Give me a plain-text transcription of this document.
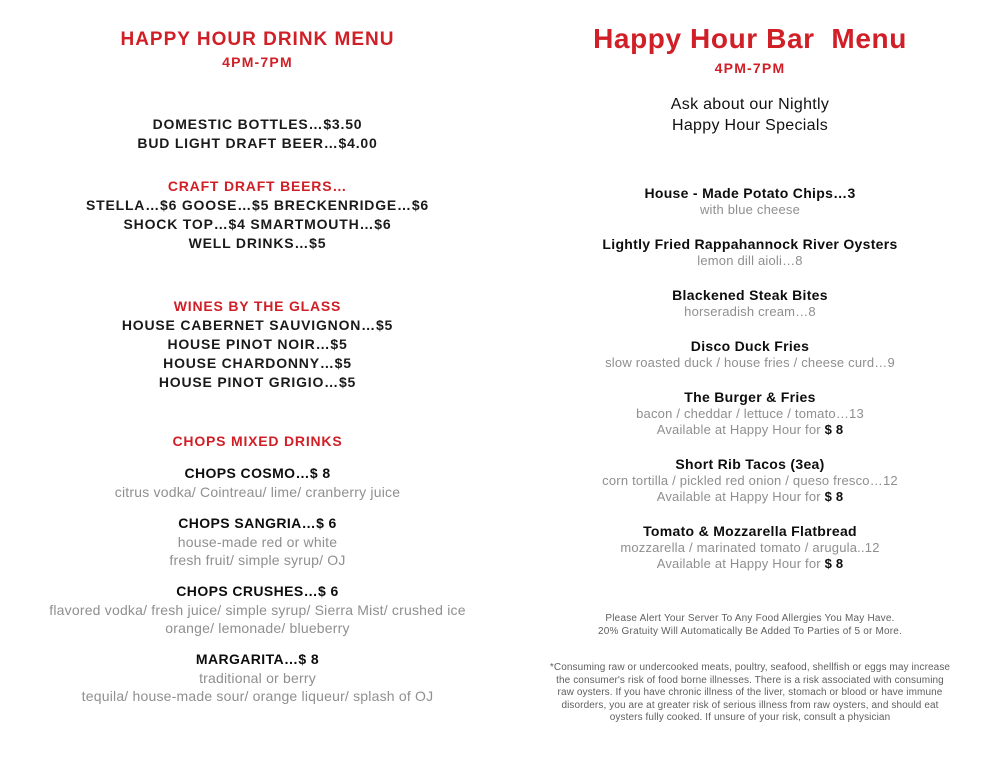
HAPPY HOUR DRINK MENU
4PM-7PM
DOMESTIC BOTTLES…$3.50
BUD LIGHT DRAFT BEER…$4.00
CRAFT DRAFT BEERS…
STELLA…$6 GOOSE…$5 BRECKENRIDGE…$6
SHOCK TOP…$4 SMARTMOUTH…$6
WELL DRINKS…$5
WINES BY THE GLASS
HOUSE CABERNET SAUVIGNON…$5
HOUSE PINOT NOIR…$5
HOUSE CHARDONNY…$5
HOUSE PINOT GRIGIO…$5
CHOPS MIXED DRINKS
CHOPS COSMO…$ 8
citrus vodka/ Cointreau/ lime/ cranberry juice
CHOPS SANGRIA…$ 6
house-made red or white
fresh fruit/ simple syrup/ OJ
CHOPS CRUSHES…$ 6
flavored vodka/ fresh juice/ simple syrup/ Sierra Mist/ crushed ice
orange/ lemonade/ blueberry
MARGARITA…$ 8
traditional or berry
tequila/ house-made sour/ orange liqueur/ splash of OJ
Happy Hour Bar  Menu
4PM-7PM
Ask about our Nightly
Happy Hour Specials
House - Made Potato Chips…3
with blue cheese
Lightly Fried Rappahannock River Oysters
lemon dill aioli…8
Blackened Steak Bites
horseradish cream…8
Disco Duck Fries
slow roasted duck / house fries / cheese curd…9
The Burger & Fries
bacon / cheddar / lettuce / tomato…13
Available at Happy Hour for $ 8
Short Rib Tacos (3ea)
corn tortilla / pickled red onion / queso fresco…12
Available at Happy Hour for $ 8
Tomato & Mozzarella Flatbread
mozzarella / marinated tomato / arugula..12
Available at Happy Hour for $ 8
Please Alert Your Server To Any Food Allergies You May Have.
20% Gratuity Will Automatically Be Added To Parties of 5 or More.
*Consuming raw or undercooked meats, poultry, seafood, shellfish or eggs may increase the consumer's risk of food borne illnesses. There is a risk associated with consuming raw oysters. If you have chronic illness of the liver, stomach or blood or have immune disorders, you are at greater risk of serious illness from raw oysters, and should eat oysters fully cooked. If unsure of your risk, consult a physician
